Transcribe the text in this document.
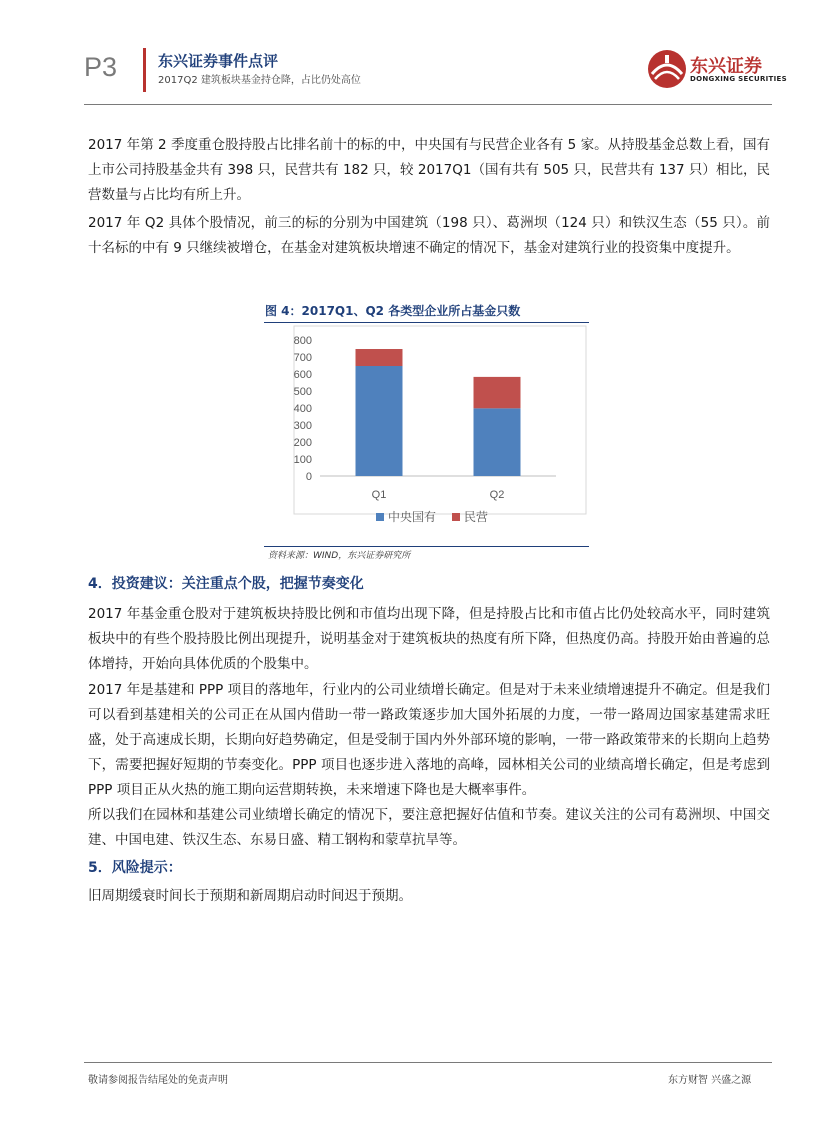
P3	东兴证券事件点评
2017Q2 建筑板块基金持仓降，占比仍处高位
东兴证券
DONGXING SECURITIES
2017 年第 2 季度重仓股持股占比排名前十的标的中，中央国有与民营企业各有 5 家。从持股基金总数上看，国有上市公司持股基金共有 398 只，民营共有 182 只，较 2017Q1（国有共有 505 只，民营共有 137 只）相比，民营数量与占比均有所上升。
2017 年 Q2 具体个股情况，前三的标的分别为中国建筑（198 只）、葛洲坝（124 只）和铁汉生态（55 只）。前十名标的中有 9 只继续被增仓，在基金对建筑板块增速不确定的情况下，基金对建筑行业的投资集中度提升。
图 4：2017Q1、Q2 各类型企业所占基金只数
0
100
200
300
400
500
600
700
800
Q1	Q2
中央国有 民营
资料来源：WIND，东兴证券研究所
4．投资建议：关注重点个股，把握节奏变化
2017 年基金重仓股对于建筑板块持股比例和市值均出现下降，但是持股占比和市值占比仍处较高水平，同时建筑板块中的有些个股持股比例出现提升，说明基金对于建筑板块的热度有所下降，但热度仍高。持股开始由普遍的总体增持，开始向具体优质的个股集中。
2017 年是基建和 PPP 项目的落地年，行业内的公司业绩增长确定。但是对于未来业绩增速提升不确定。但是我们可以看到基建相关的公司正在从国内借助一带一路政策逐步加大国外拓展的力度，一带一路周边国家基建需求旺盛，处于高速成长期，长期向好趋势确定，但是受制于国内外外部环境的影响，一带一路政策带来的长期向上趋势下，需要把握好短期的节奏变化。PPP 项目也逐步进入落地的高峰，园林相关公司的业绩高增长确定，但是考虑到 PPP 项目正从火热的施工期向运营期转换，未来增速下降也是大概率事件。
所以我们在园林和基建公司业绩增长确定的情况下，要注意把握好估值和节奏。建议关注的公司有葛洲坝、中国交建、中国电建、铁汉生态、东易日盛、精工钢构和蒙草抗旱等。
5．风险提示：
旧周期缓衰时间长于预期和新周期启动时间迟于预期。
敬请参阅报告结尾处的免责声明	东方财智 兴盛之源
